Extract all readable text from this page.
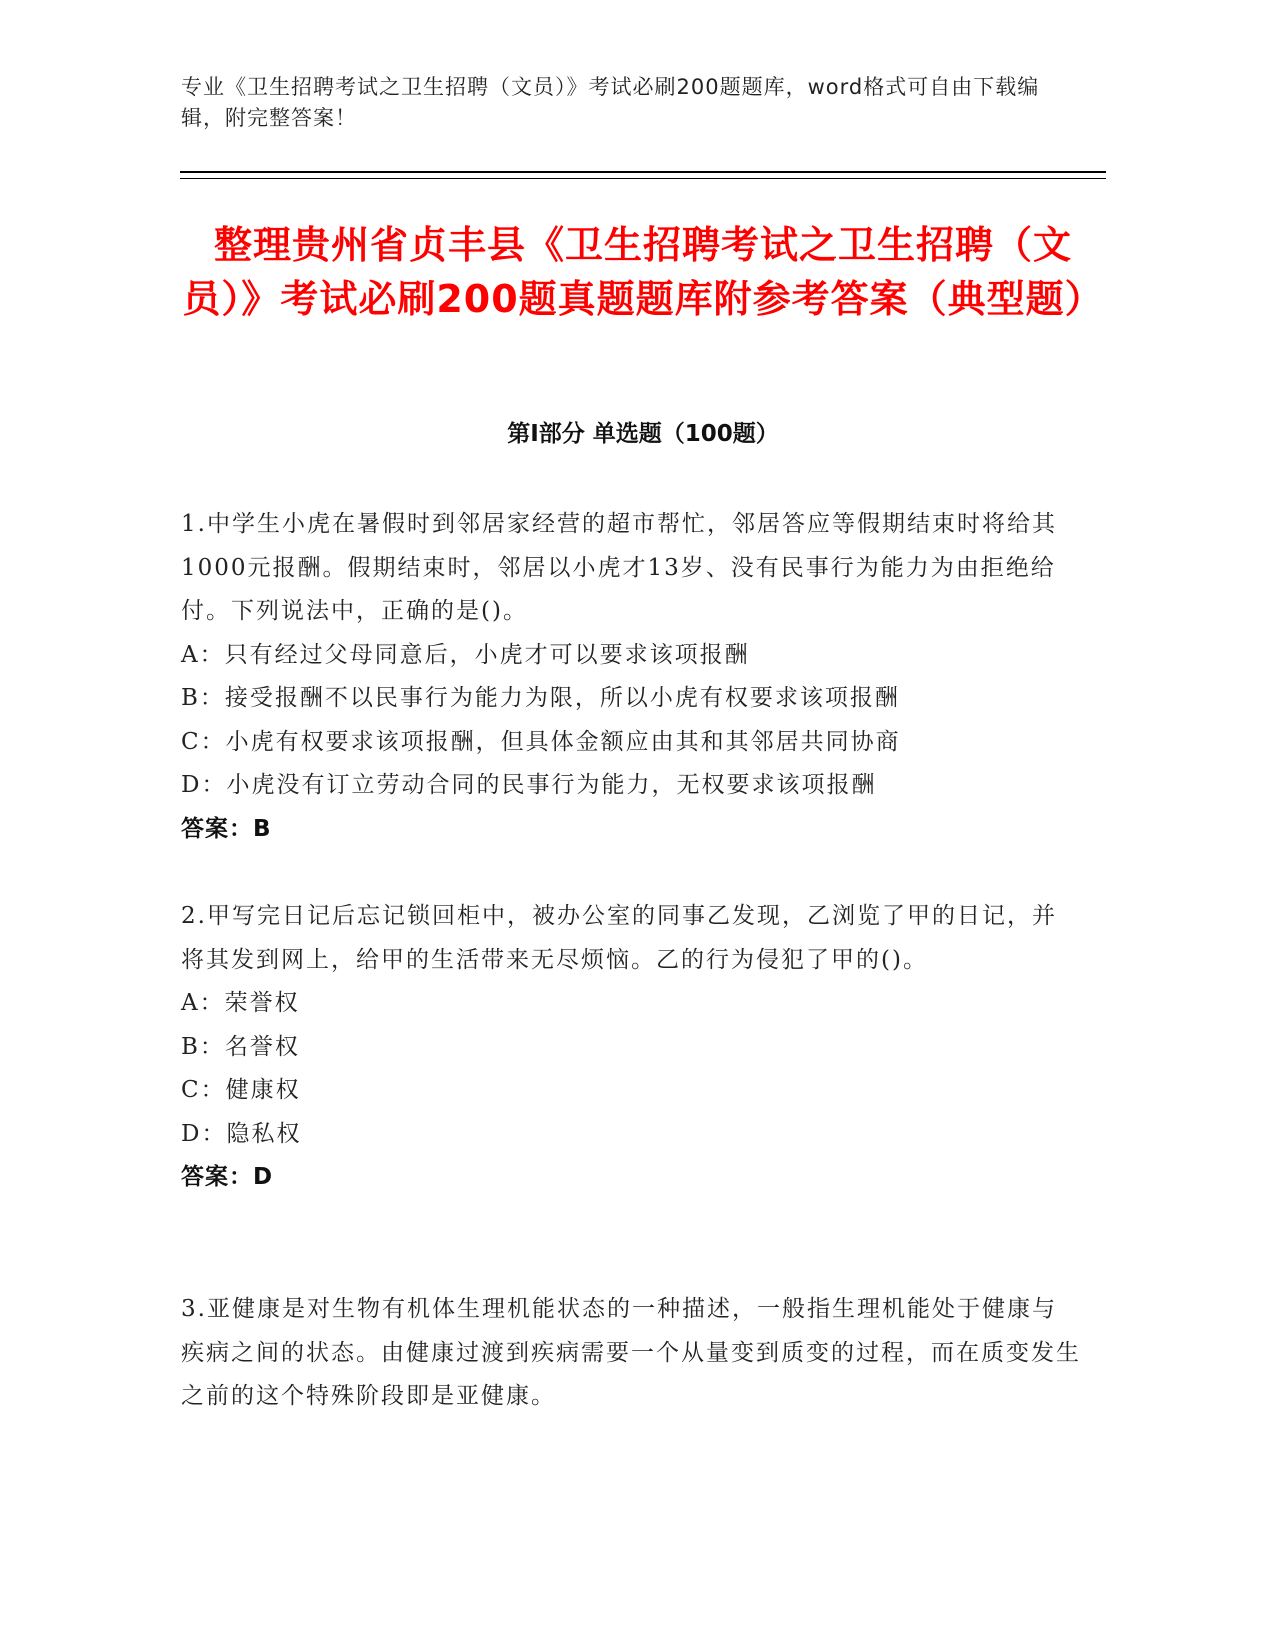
专业《卫生招聘考试之卫生招聘（文员）》考试必刷200题题库，word格式可自由下载编辑，附完整答案！
整理贵州省贞丰县《卫生招聘考试之卫生招聘（文员）》考试必刷200题真题题库附参考答案（典型题）
第Ⅰ部分 单选题（100题）
1.中学生小虎在暑假时到邻居家经营的超市帮忙，邻居答应等假期结束时将给其1000元报酬。假期结束时，邻居以小虎才13岁、没有民事行为能力为由拒绝给付。下列说法中，正确的是()。
A：只有经过父母同意后，小虎才可以要求该项报酬
B：接受报酬不以民事行为能力为限，所以小虎有权要求该项报酬
C：小虎有权要求该项报酬，但具体金额应由其和其邻居共同协商
D：小虎没有订立劳动合同的民事行为能力，无权要求该项报酬
答案：B
2.甲写完日记后忘记锁回柜中，被办公室的同事乙发现，乙浏览了甲的日记，并将其发到网上，给甲的生活带来无尽烦恼。乙的行为侵犯了甲的()。
A：荣誉权
B：名誉权
C：健康权
D：隐私权
答案：D
3.亚健康是对生物有机体生理机能状态的一种描述，一般指生理机能处于健康与疾病之间的状态。由健康过渡到疾病需要一个从量变到质变的过程，而在质变发生之前的这个特殊阶段即是亚健康。
